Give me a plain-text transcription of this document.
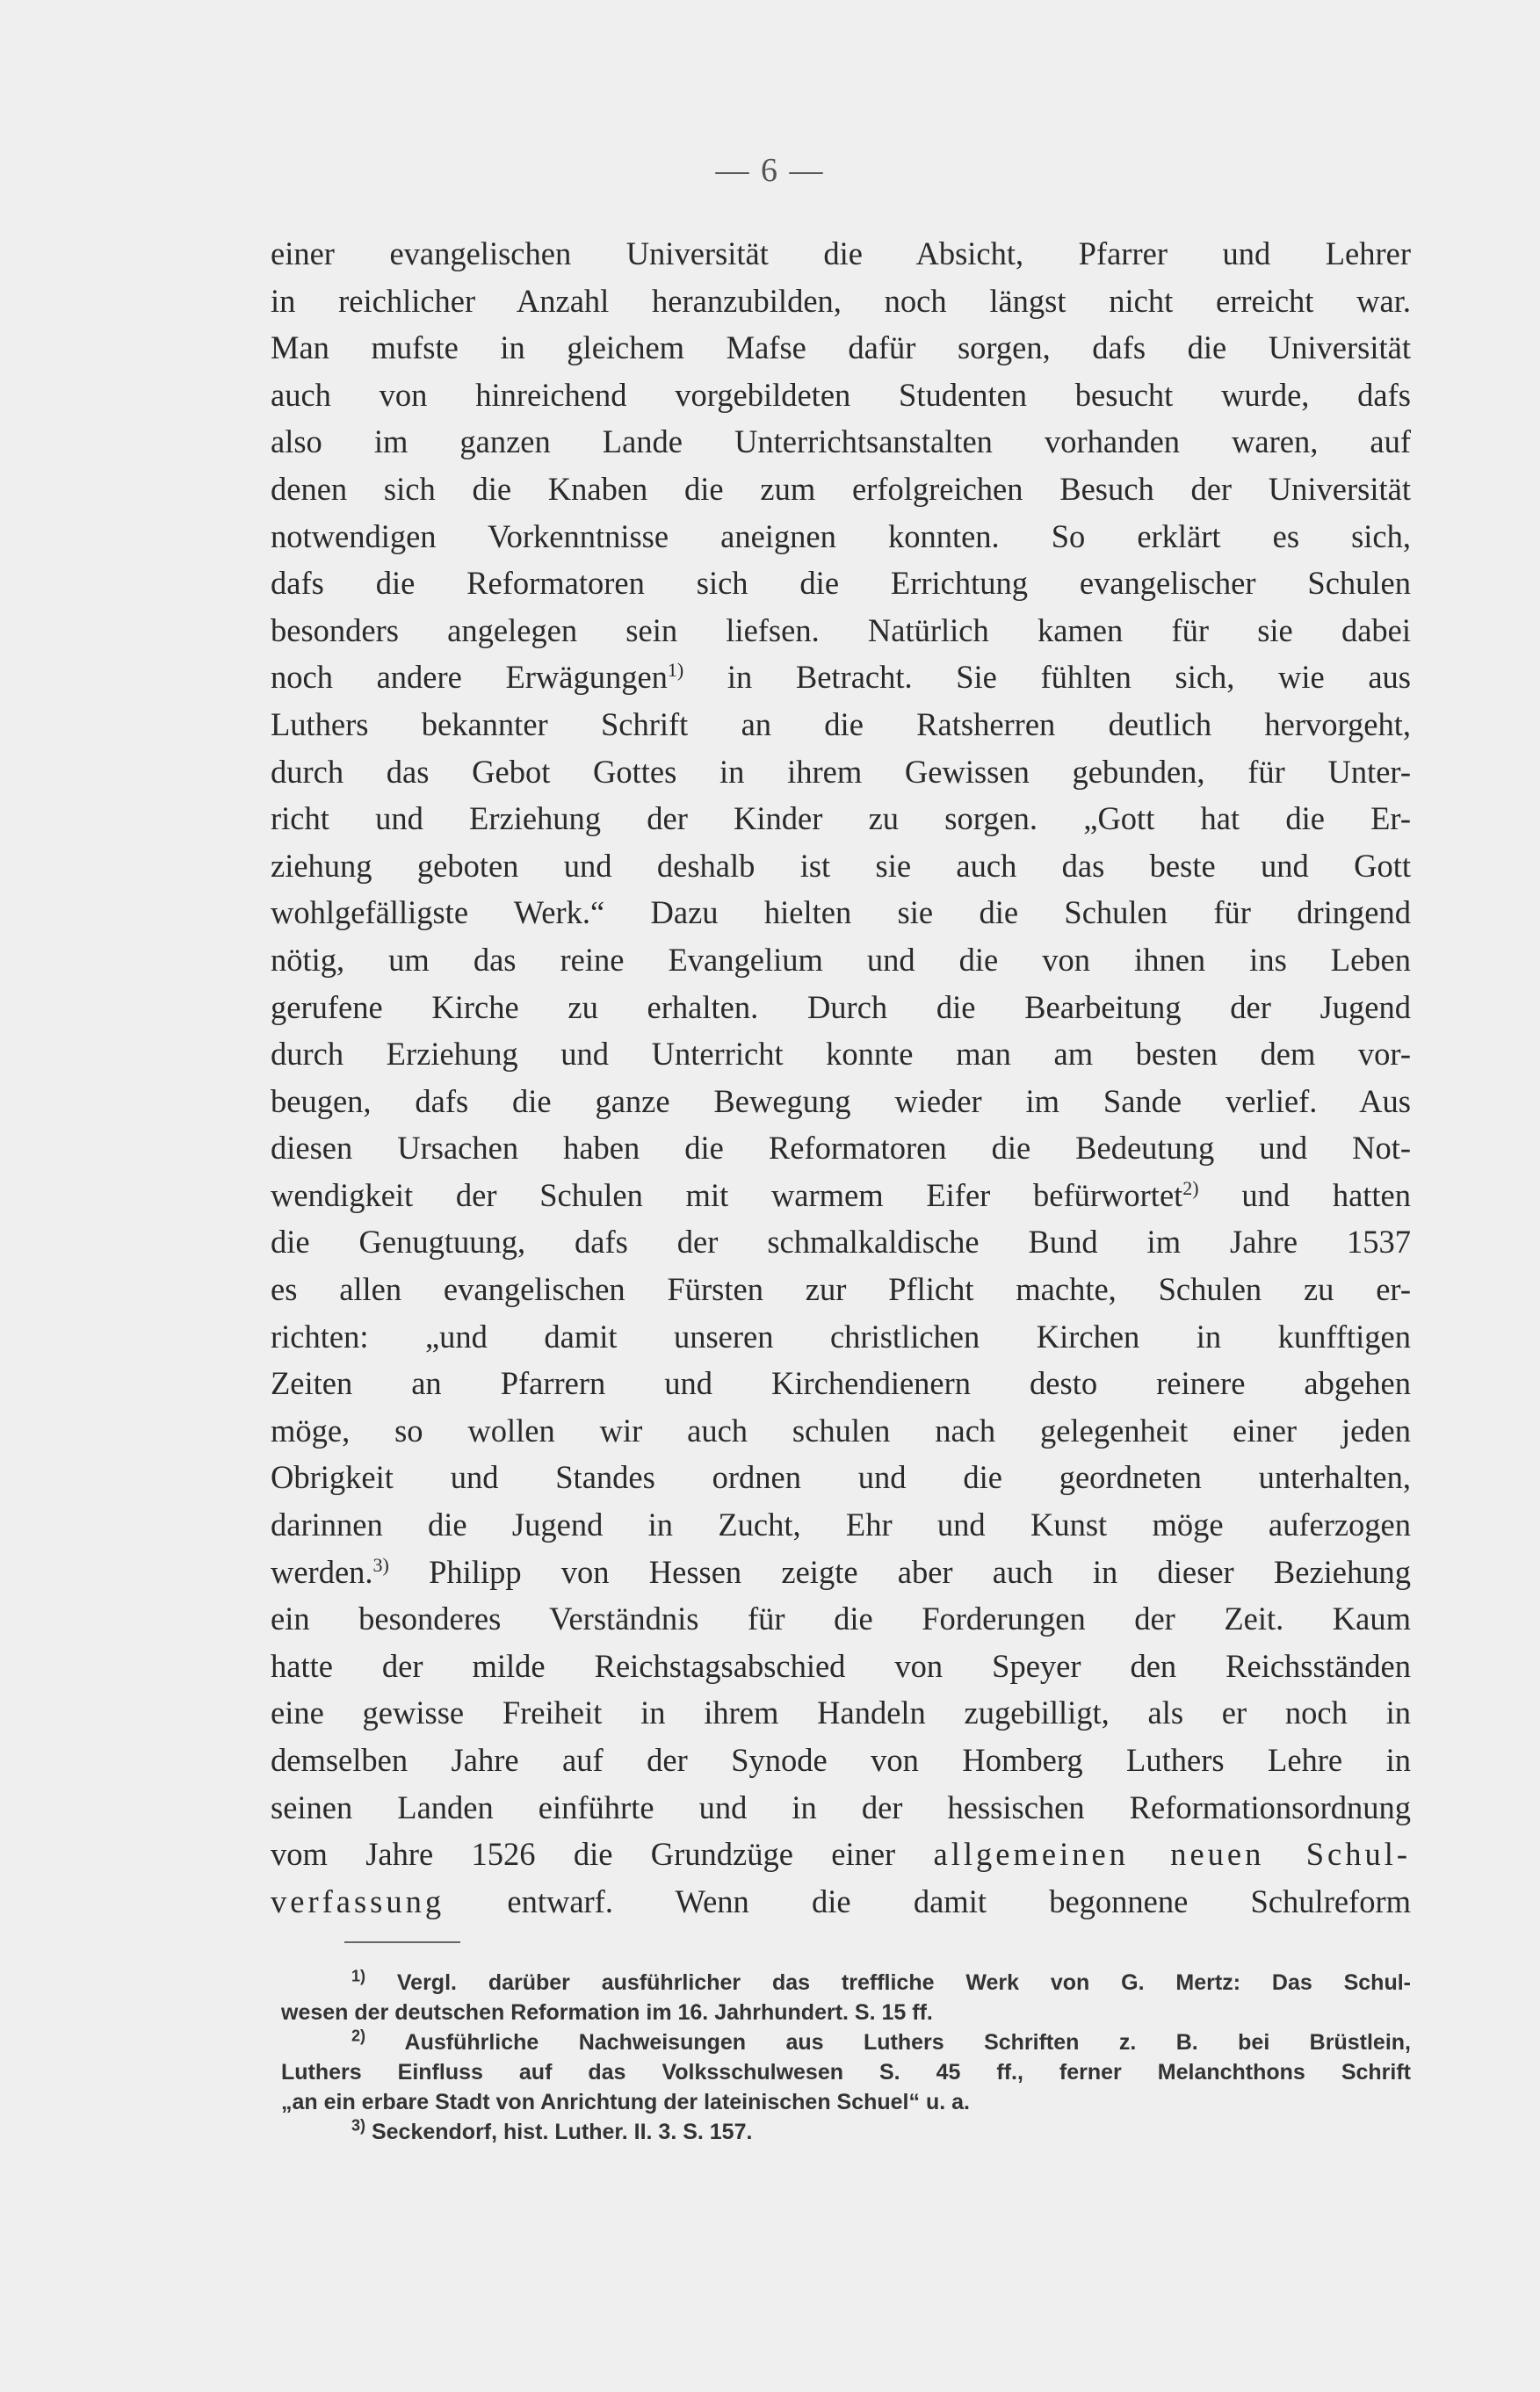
— 6 —
einer evangelischen Universität die Absicht, Pfarrer und Lehrer
in reichlicher Anzahl heranzubilden, noch längst nicht erreicht war.
Man mufste in gleichem Mafse dafür sorgen, dafs die Universität
auch von hinreichend vorgebildeten Studenten besucht wurde, dafs
also im ganzen Lande Unterrichtsanstalten vorhanden waren, auf
denen sich die Knaben die zum erfolgreichen Besuch der Universität
notwendigen Vorkenntnisse aneignen konnten. So erklärt es sich,
dafs die Reformatoren sich die Errichtung evangelischer Schulen
besonders angelegen sein liefsen. Natürlich kamen für sie dabei
noch andere Erwägungen$^{1)}$ in Betracht. Sie fühlten sich, wie aus
Luthers bekannter Schrift an die Ratsherren deutlich hervorgeht,
durch das Gebot Gottes in ihrem Gewissen gebunden, für Unter-
richt und Erziehung der Kinder zu sorgen. „Gott hat die Er-
ziehung geboten und deshalb ist sie auch das beste und Gott
wohlgefälligste Werk.“ Dazu hielten sie die Schulen für dringend
nötig, um das reine Evangelium und die von ihnen ins Leben
gerufene Kirche zu erhalten. Durch die Bearbeitung der Jugend
durch Erziehung und Unterricht konnte man am besten dem vor-
beugen, dafs die ganze Bewegung wieder im Sande verlief. Aus
diesen Ursachen haben die Reformatoren die Bedeutung und Not-
wendigkeit der Schulen mit warmem Eifer befürwortet$^{2)}$ und hatten
die Genugtuung, dafs der schmalkaldische Bund im Jahre 1537
es allen evangelischen Fürsten zur Pflicht machte, Schulen zu er-
richten: „und damit unseren christlichen Kirchen in kunfftigen
Zeiten an Pfarrern und Kirchendienern desto reinere abgehen
möge, so wollen wir auch schulen nach gelegenheit einer jeden
Obrigkeit und Standes ordnen und die geordneten unterhalten,
darinnen die Jugend in Zucht, Ehr und Kunst möge auferzogen
werden.$^{3)}$ Philipp von Hessen zeigte aber auch in dieser Beziehung
ein besonderes Verständnis für die Forderungen der Zeit. Kaum
hatte der milde Reichstagsabschied von Speyer den Reichsständen
eine gewisse Freiheit in ihrem Handeln zugebilligt, als er noch in
demselben Jahre auf der Synode von Homberg Luthers Lehre in
seinen Landen einführte und in der hessischen Reformationsordnung
vom Jahre 1526 die Grundzüge einer allgemeinen neuen Schul-
verfassung entwarf. Wenn die damit begonnene Schulreform
$^{1)}$ Vergl. darüber ausführlicher das treffliche Werk von G. Mertz: Das Schul-
wesen der deutschen Reformation im 16. Jahrhundert. S. 15 ff.
$^{2)}$ Ausführliche Nachweisungen aus Luthers Schriften z. B. bei Brüstlein,
Luthers Einfluss auf das Volksschulwesen S. 45 ff., ferner Melanchthons Schrift
„an ein erbare Stadt von Anrichtung der lateinischen Schuel“ u. a.
$^{3)}$ Seckendorf, hist. Luther. II. 3. S. 157.
